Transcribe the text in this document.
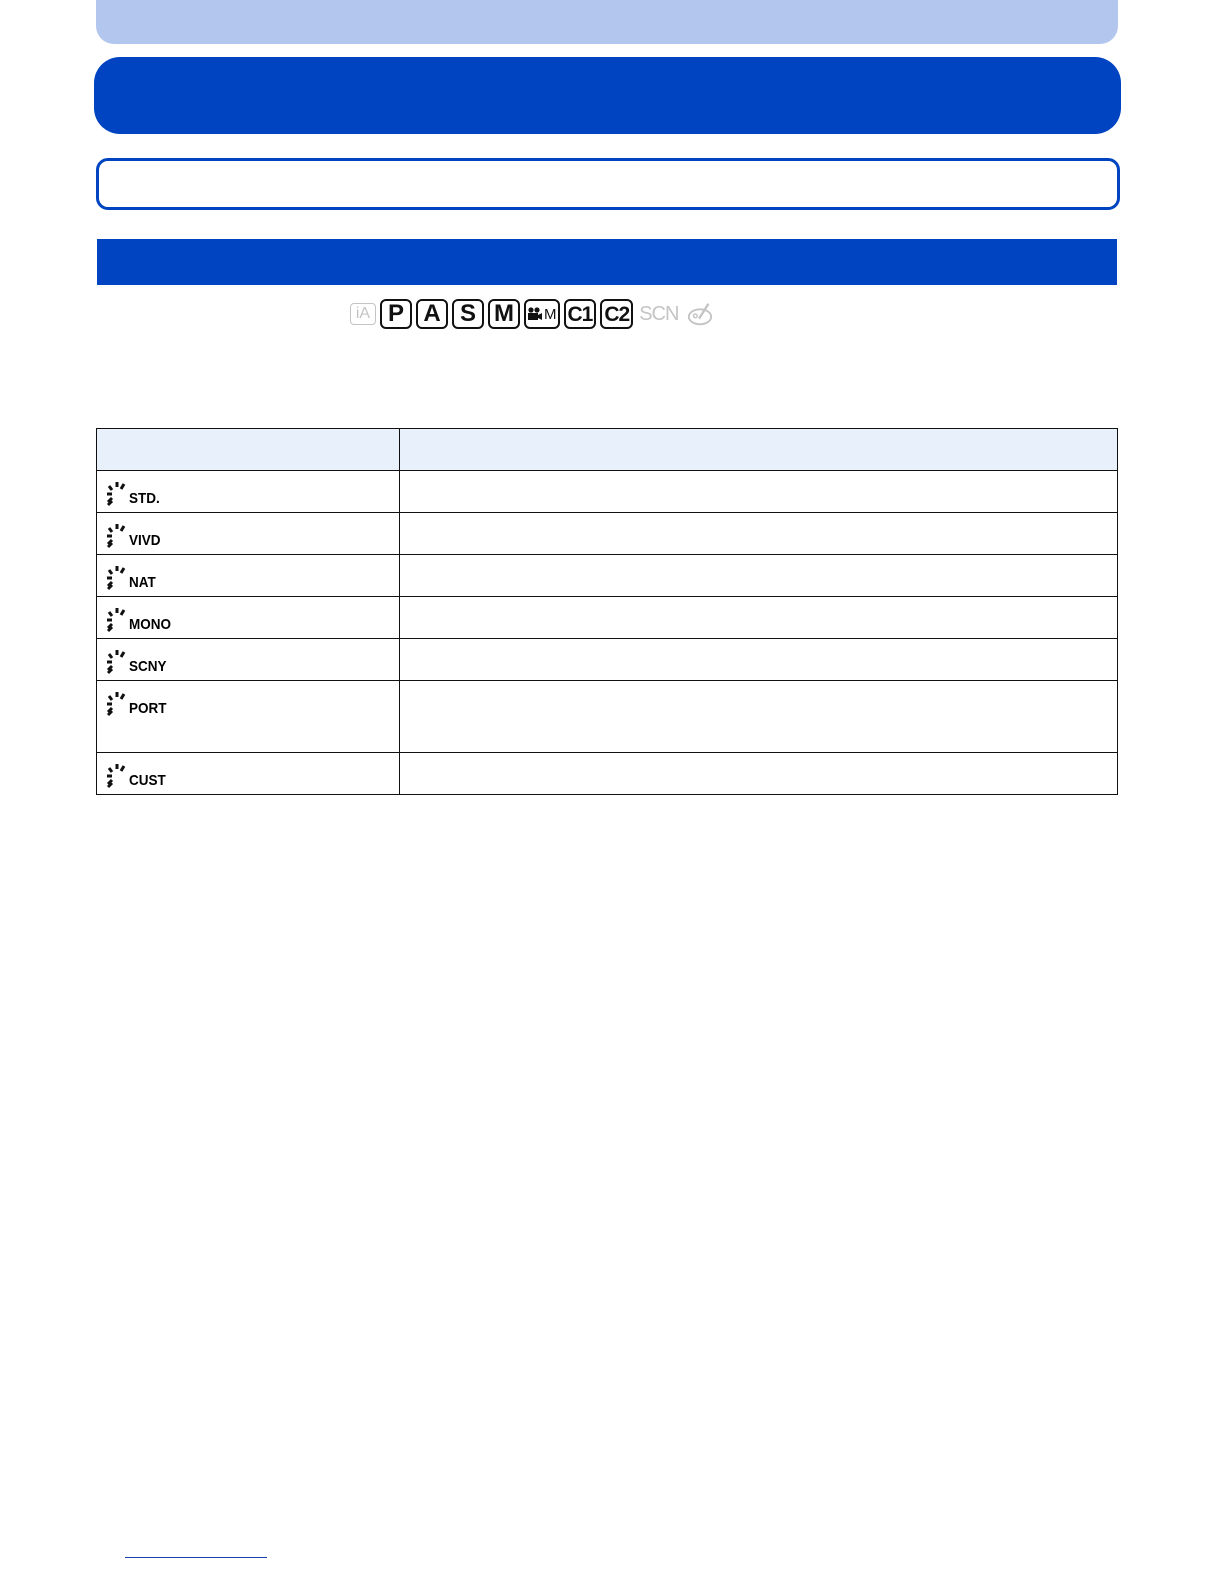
iA P A S M M C1 C2 SCN

STD.	

VIVD	

NAT	

MONO	

SCNY	

PORT	

CUST	
